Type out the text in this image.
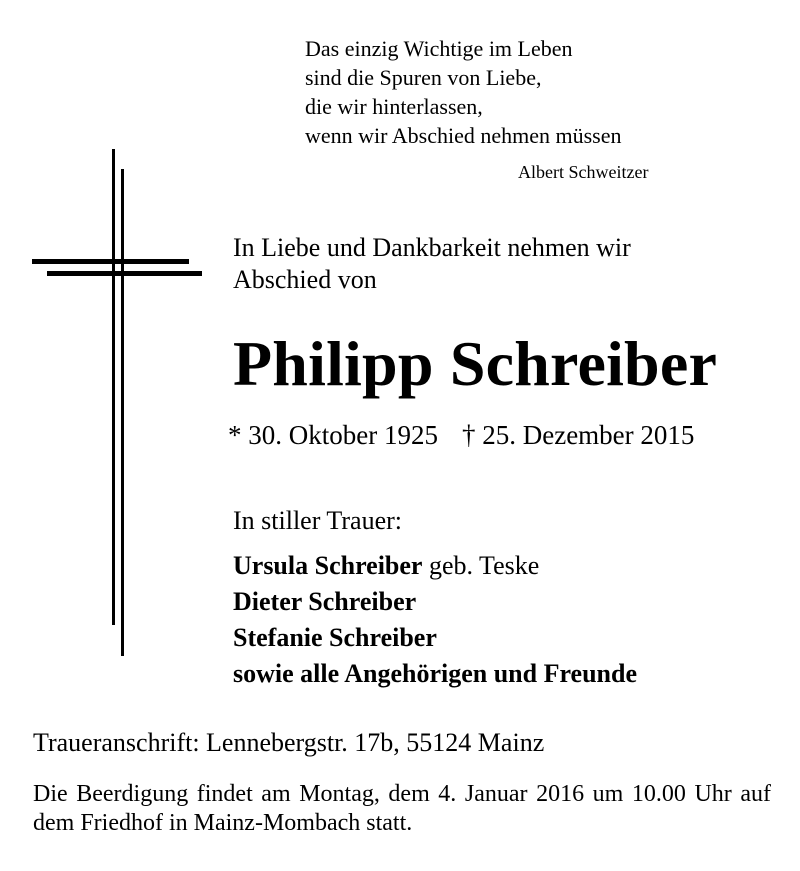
Das einzig Wichtige im Leben
sind die Spuren von Liebe,
die wir hinterlassen,
wenn wir Abschied nehmen müssen
Albert Schweitzer
In Liebe und Dankbarkeit nehmen wir
Abschied von
Philipp Schreiber
* 30. Oktober 1925 † 25. Dezember 2015
In stiller Trauer:
Ursula Schreiber geb. Teske
Dieter Schreiber
Stefanie Schreiber
sowie alle Angehörigen und Freunde
Traueranschrift: Lennebergstr. 17b, 55124 Mainz
Die Beerdigung findet am Montag, dem 4. Januar 2016 um 10.00 Uhr auf dem Friedhof in Mainz-Mombach statt.
